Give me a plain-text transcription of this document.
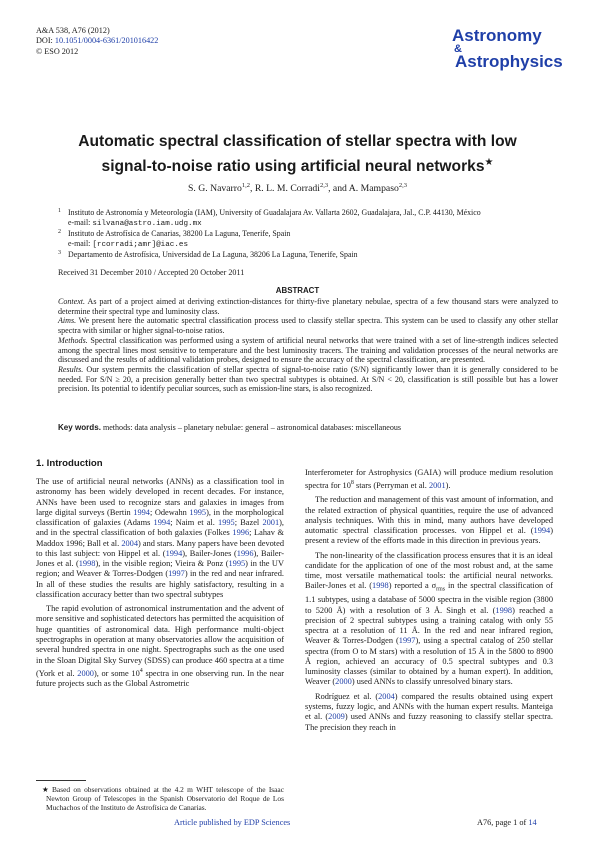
A&A 538, A76 (2012)
DOI: 10.1051/0004-6361/201016422
© ESO 2012
Astronomy
&
Astrophysics
Automatic spectral classification of stellar spectra with low
signal-to-noise ratio using artificial neural networks★
S. G. Navarro$^{1,2}$, R. L. M. Corradi$^{2,3}$, and A. Mampaso$^{2,3}$
1 Instituto de Astronomía y Meteorología (IAM), University of Guadalajara Av. Vallarta 2602, Guadalajara, Jal., C.P. 44130, México
e-mail: silvana@astro.iam.udg.mx
2 Instituto de Astrofísica de Canarias, 38200 La Laguna, Tenerife, Spain
e-mail: [rcorradi;amr]@iac.es
3 Departamento de Astrofísica, Universidad de La Laguna, 38206 La Laguna, Tenerife, Spain
Received 31 December 2010 / Accepted 20 October 2011
ABSTRACT

Context. As part of a project aimed at deriving extinction-distances for thirty-five planetary nebulae, spectra of a few thousand stars were analyzed to determine their spectral type and luminosity class.

Aims. We present here the automatic spectral classification process used to classify stellar spectra. This system can be used to classify any other stellar spectra with similar or higher signal-to-noise ratios.

Methods. Spectral classification was performed using a system of artificial neural networks that were trained with a set of line-strength indices selected among the spectral lines most sensitive to temperature and the best luminosity tracers. The training and validation processes of the neural networks are discussed and the results of additional validation probes, designed to ensure the accuracy of the spectral classification, are presented.

Results. Our system permits the classification of stellar spectra of signal-to-noise ratio (S/N) significantly lower than it is generally considered to be needed. For S/N ≥ 20, a precision generally better than two spectral subtypes is obtained. At S/N < 20, classification is still possible but has a lower precision. Its potential to identify peculiar sources, such as emission-line stars, is also recognized.

Key words. methods: data analysis – planetary nebulae: general – astronomical databases: miscellaneous
1. Introduction

The use of artificial neural networks (ANNs) as a classification tool in astronomy has been widely developed in recent decades. For instance, ANNs have been used to recognize stars and galaxies in images from large digital surveys (Bertin 1994; Odewahn 1995), in the morphological classification of galaxies (Adams 1994; Naim et al. 1995; Bazel 2001), and in the spectral classification of both galaxies (Folkes 1996; Lahav & Maddox 1996; Ball et al. 2004) and stars. Many papers have been devoted to this last subject: von Hippel et al. (1994), Bailer-Jones (1996), Bailer-Jones et al. (1998), in the visible region; Vieira & Ponz (1995) in the UV region; and Weaver & Torres-Dodgen (1997) in the red and near infrared. In all of these studies the results are highly satisfactory, resulting in a classification accuracy better than two spectral subtypes

The rapid evolution of astronomical instrumentation and the advent of more sensitive and sophisticated detectors has permitted the acquisition of huge quantities of astronomical data. High performance multi-object spectrographs in operation at many observatories allow the acquisition of several hundred spectra in one night. Spectrographs such as the one used in the Sloan Digital Sky Survey (SDSS) can produce 460 spectra at a time (York et al. 2000), or some $10^4$ spectra in one observing run. In the near future projects such as the Global Astrometric

Interferometer for Astrophysics (GAIA) will produce medium resolution spectra for $10^8$ stars (Perryman et al. 2001).

The reduction and management of this vast amount of information, and the related extraction of physical quantities, require the use of advanced analysis techniques. With this in mind, many authors have developed automatic spectral classification processes. von Hippel et al. (1994) present a review of the efforts made in this direction in previous years.

The non-linearity of the classification process ensures that it is an ideal candidate for the application of one of the most robust and, at the same time, most versatile mathematical tools: the artificial neural networks. Bailer-Jones et al. (1998) reported a $\sigma_{rms}$ in the spectral classification of 1.1 subtypes, using a database of 5000 spectra in the visible region (3800 to 5200 Å) with a resolution of 3 Å. Singh et al. (1998) reached a precision of 2 spectral subtypes using a training catalog with only 55 spectra at a resolution of 11 Å. In the red and near infrared region, Weaver & Torres-Dodgen (1997), using a spectral catalog of 250 stellar spectra (from O to M stars) with a resolution of 15 Å in the 5800 to 8900 Å region, achieved an accuracy of 0.5 spectral subtypes and 0.3 luminosity classes (similar to obtained by a human expert). In addition, Weaver (2000) used ANNs to classify unresolved binary stars.

Rodríguez et al. (2004) compared the results obtained using expert systems, fuzzy logic, and ANNs with the human expert results. Manteiga et al. (2009) used ANNs and fuzzy reasoning to classify stellar spectra. The precision they reach in

★ Based on observations obtained at the 4.2 m WHT telescope of the Isaac Newton Group of Telescopes in the Spanish Observatorio del Roque de Los Muchachos of the Instituto de Astrofísica de Canarias.
Article published by EDP Sciences	A76, page 1 of 14
